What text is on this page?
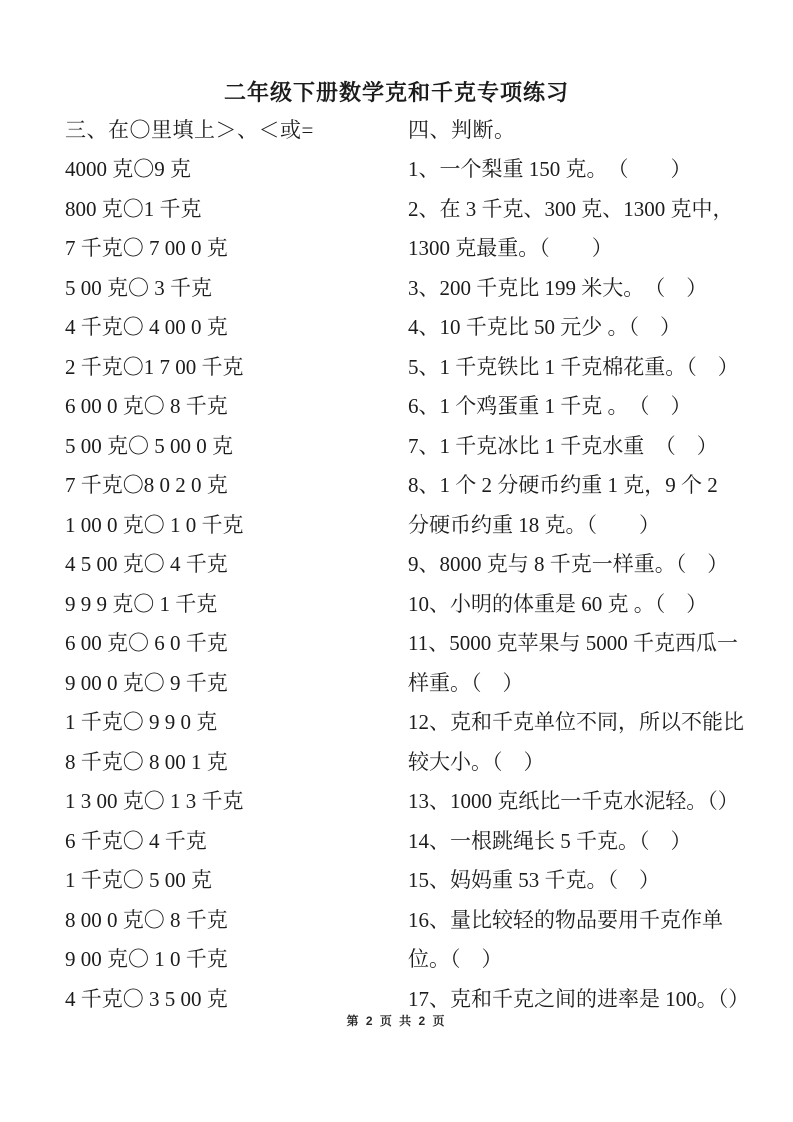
二年级下册数学克和千克专项练习
三、在〇里填上＞、＜或=
4000 克〇9 克
800 克〇1 千克
7 千克〇 7 00 0 克
5 00 克〇 3 千克
4 千克〇 4 00 0 克
2 千克〇1 7 00 千克
6 00 0 克〇 8 千克
5 00 克〇 5 00 0 克
7 千克〇8 0 2 0 克
1 00 0 克〇 1 0 千克
4 5 00 克〇 4 千克
9 9 9 克〇 1 千克
6 00 克〇 6 0 千克
9 00 0 克〇 9 千克
1 千克〇 9 9 0 克
8 千克〇 8 00 1 克
1 3 00 克〇 1 3 千克
6 千克〇 4 千克
1 千克〇 5 00 克
8 00 0 克〇 8 千克
9 00 克〇 1 0 千克
4 千克〇 3 5 00 克
四、判断。
1、一个梨重 150 克。　（　　）
2、在 3 千克、300 克、1300 克中，
1300 克最重。（　　）
3、200 千克比 199 米大。　（　）
4、10 千克比 50 元少 。（　）
5、1 千克铁比 1 千克棉花重。（　）
6、1 个鸡蛋重 1 千克 。　（　）
7、1 千克冰比 1 千克水重　（　）
8、1 个 2 分硬币约重 1 克，9 个 2
分硬币约重 18 克。（　　）
9、8000 克与 8 千克一样重。（　）
10、小明的体重是 60 克 。（　）
11、5000 克苹果与 5000 千克西瓜一
样重。（　）
12、克和千克单位不同，所以不能比
较大小。（　）
13、1000 克纸比一千克水泥轻。（）
14、一根跳绳长 5 千克。（　）
15、妈妈重 53 千克。（　）
16、量比较轻的物品要用千克作单
位。（　）
17、克和千克之间的进率是 100。（）
第 2 页 共 2 页
